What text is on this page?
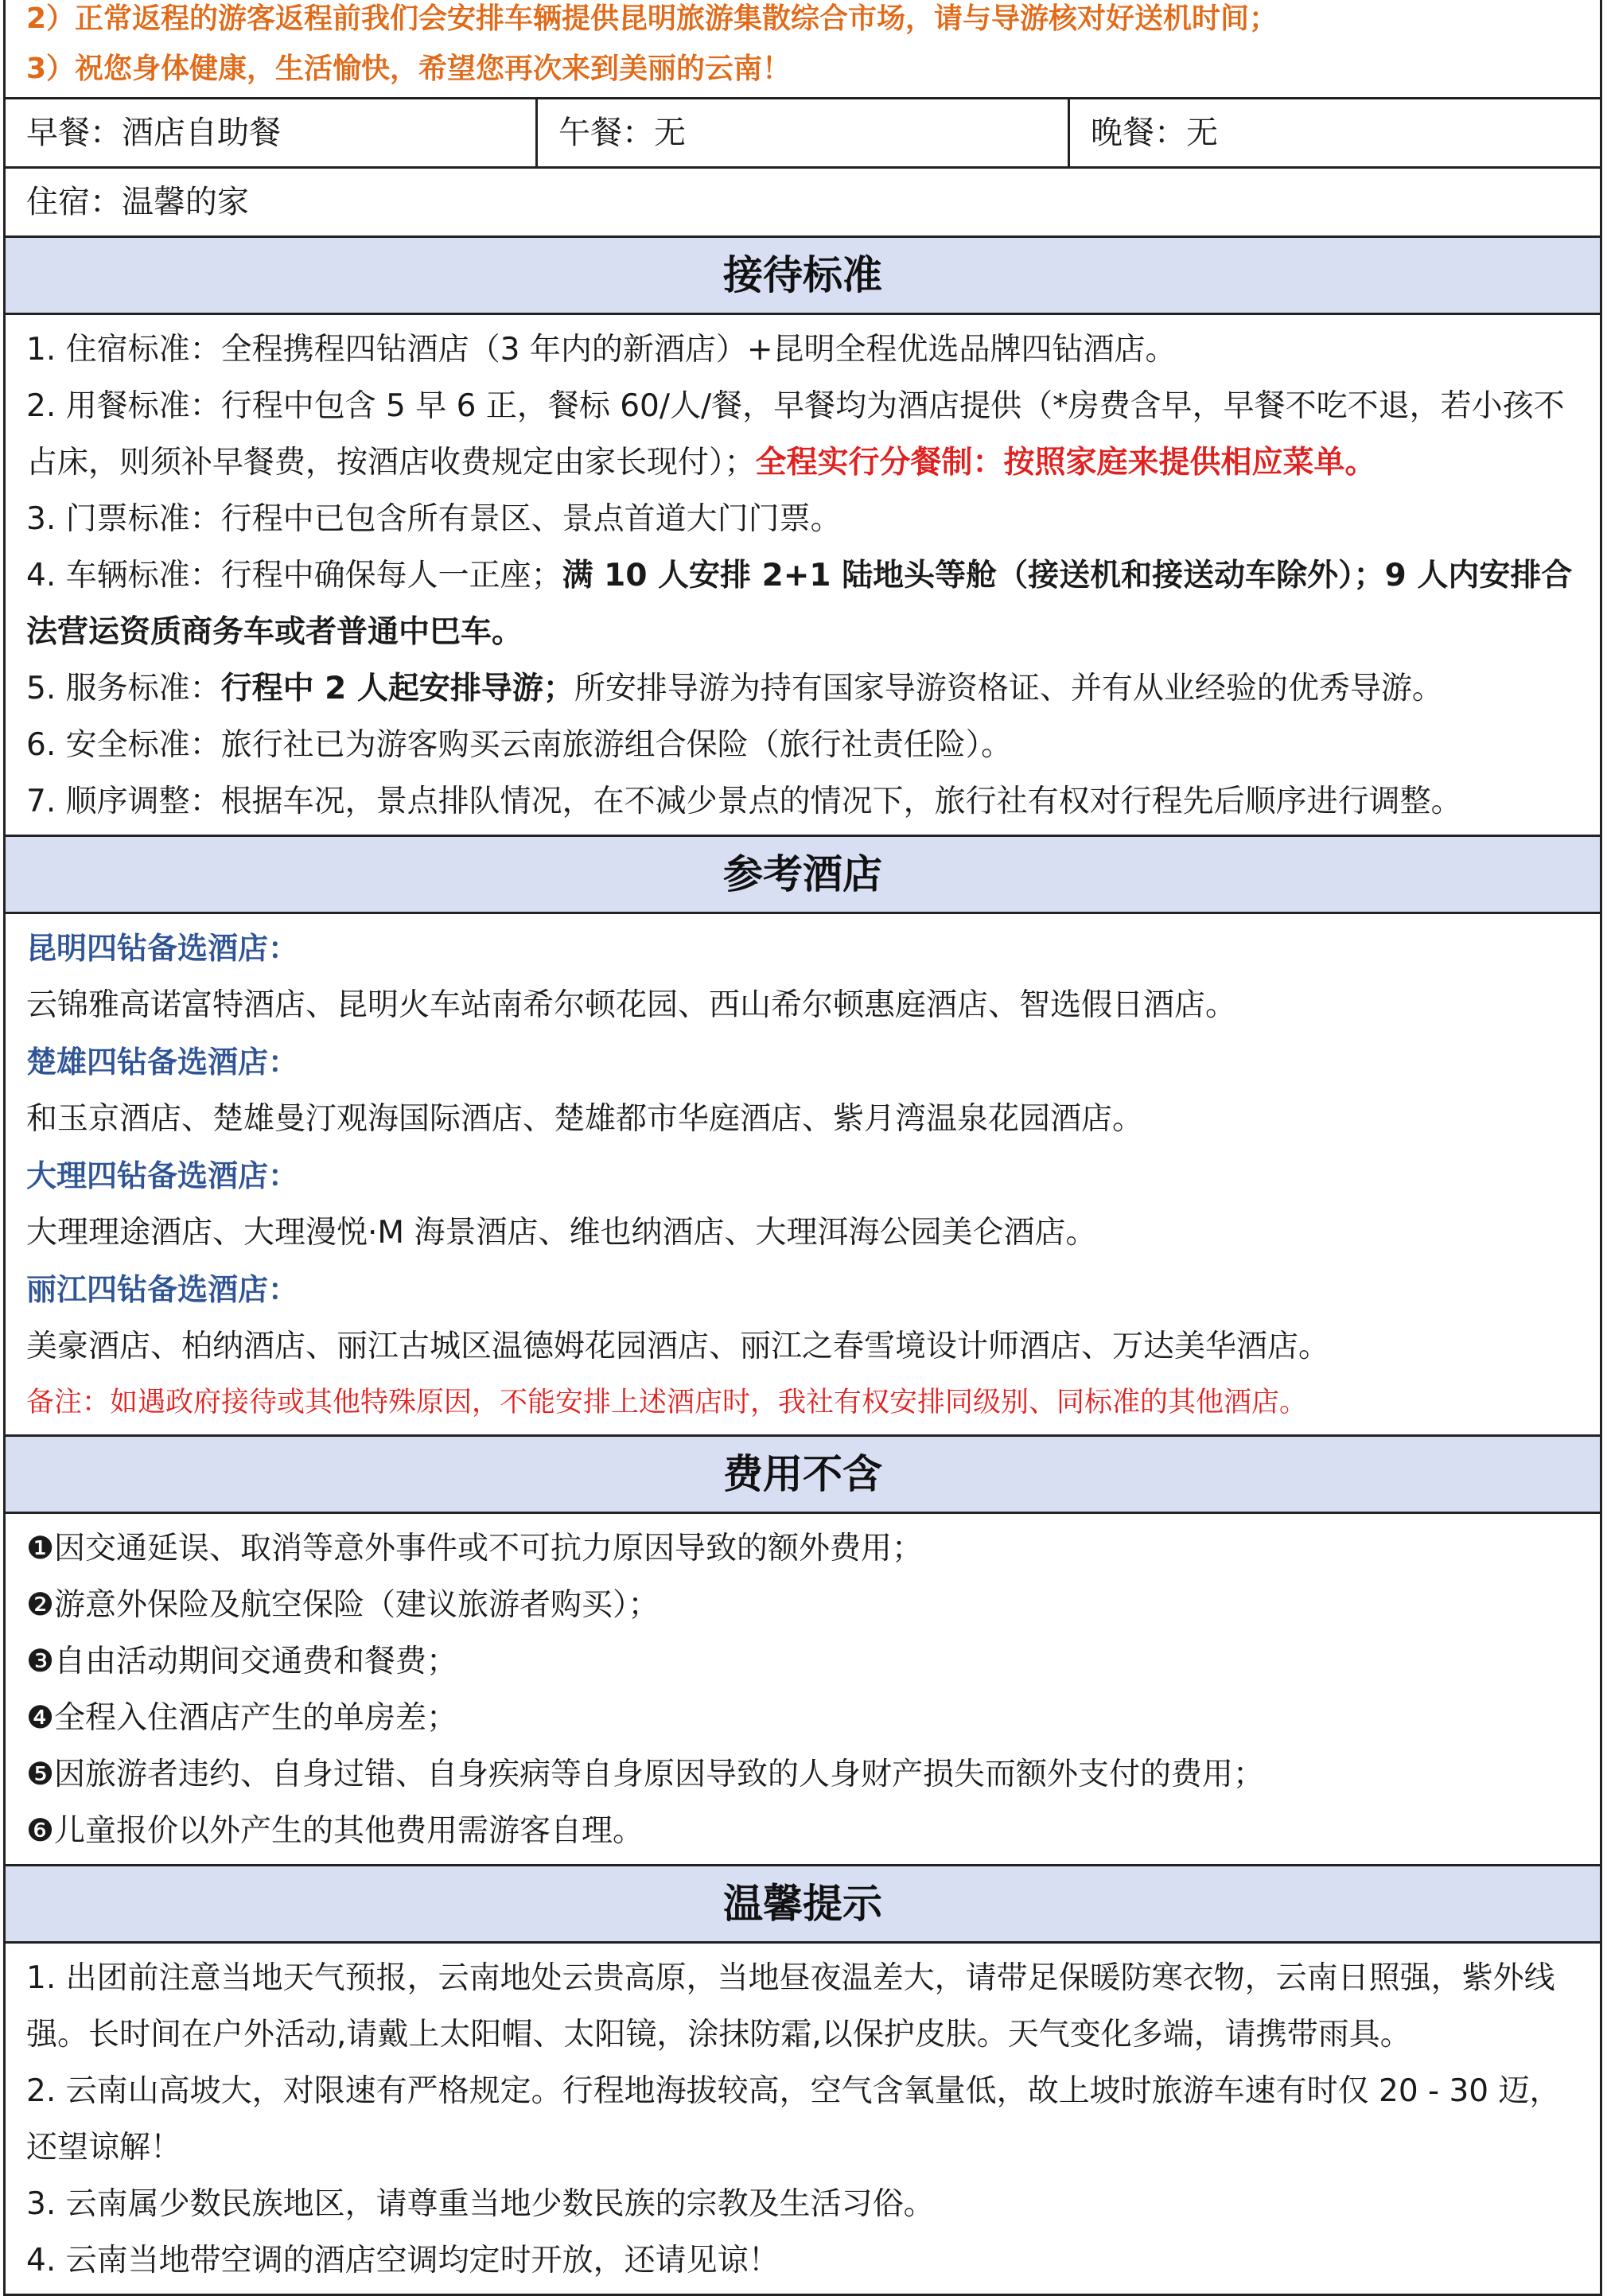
2）正常返程的游客返程前我们会安排车辆提供昆明旅游集散综合市场，请与导游核对好送机时间；
3）祝您身体健康，生活愉快，希望您再次来到美丽的云南！
早餐：酒店自助餐	午餐：无	晚餐：无
住宿：温馨的家
接待标准

1. 住宿标准：全程携程四钻酒店（3 年内的新酒店）+昆明全程优选品牌四钻酒店。

2. 用餐标准：行程中包含 5 早 6 正，餐标 60/人/餐，早餐均为酒店提供（*房费含早，早餐不吃不退，若小孩不占床，则须补早餐费，按酒店收费规定由家长现付）；全程实行分餐制：按照家庭来提供相应菜单。

3. 门票标准：行程中已包含所有景区、景点首道大门门票。

4. 车辆标准：行程中确保每人一正座；满 10 人安排 2+1 陆地头等舱（接送机和接送动车除外）；9 人内安排合法营运资质商务车或者普通中巴车。

5. 服务标准：行程中 2 人起安排导游；所安排导游为持有国家导游资格证、并有从业经验的优秀导游。

6. 安全标准：旅行社已为游客购买云南旅游组合保险（旅行社责任险）。

7. 顺序调整：根据车况，景点排队情况，在不减少景点的情况下，旅行社有权对行程先后顺序进行调整。

参考酒店
昆明四钻备选酒店：
云锦雅高诺富特酒店、昆明火车站南希尔顿花园、西山希尔顿惠庭酒店、智选假日酒店。
楚雄四钻备选酒店：
和玉京酒店、楚雄曼汀观海国际酒店、楚雄都市华庭酒店、紫月湾温泉花园酒店。
大理四钻备选酒店：
大理理途酒店、大理漫悦·M 海景酒店、维也纳酒店、大理洱海公园美仑酒店。
丽江四钻备选酒店：
美豪酒店、柏纳酒店、丽江古城区温德姆花园酒店、丽江之春雪境设计师酒店、万达美华酒店。
备注：如遇政府接待或其他特殊原因，不能安排上述酒店时，我社有权安排同级别、同标准的其他酒店。
费用不含

❶因交通延误、取消等意外事件或不可抗力原因导致的额外费用；

❷游意外保险及航空保险（建议旅游者购买）；

❸自由活动期间交通费和餐费；

❹全程入住酒店产生的单房差；

❺因旅游者违约、自身过错、自身疾病等自身原因导致的人身财产损失而额外支付的费用；

❻儿童报价以外产生的其他费用需游客自理。

温馨提示

1. 出团前注意当地天气预报，云南地处云贵高原，当地昼夜温差大，请带足保暖防寒衣物，云南日照强，紫外线强。长时间在户外活动,请戴上太阳帽、太阳镜，涂抹防霜,以保护皮肤。天气变化多端，请携带雨具。

2. 云南山高坡大，对限速有严格规定。行程地海拔较高，空气含氧量低，故上坡时旅游车速有时仅 20 - 30 迈，还望谅解！

3. 云南属少数民族地区，请尊重当地少数民族的宗教及生活习俗。

4. 云南当地带空调的酒店空调均定时开放，还请见谅！
